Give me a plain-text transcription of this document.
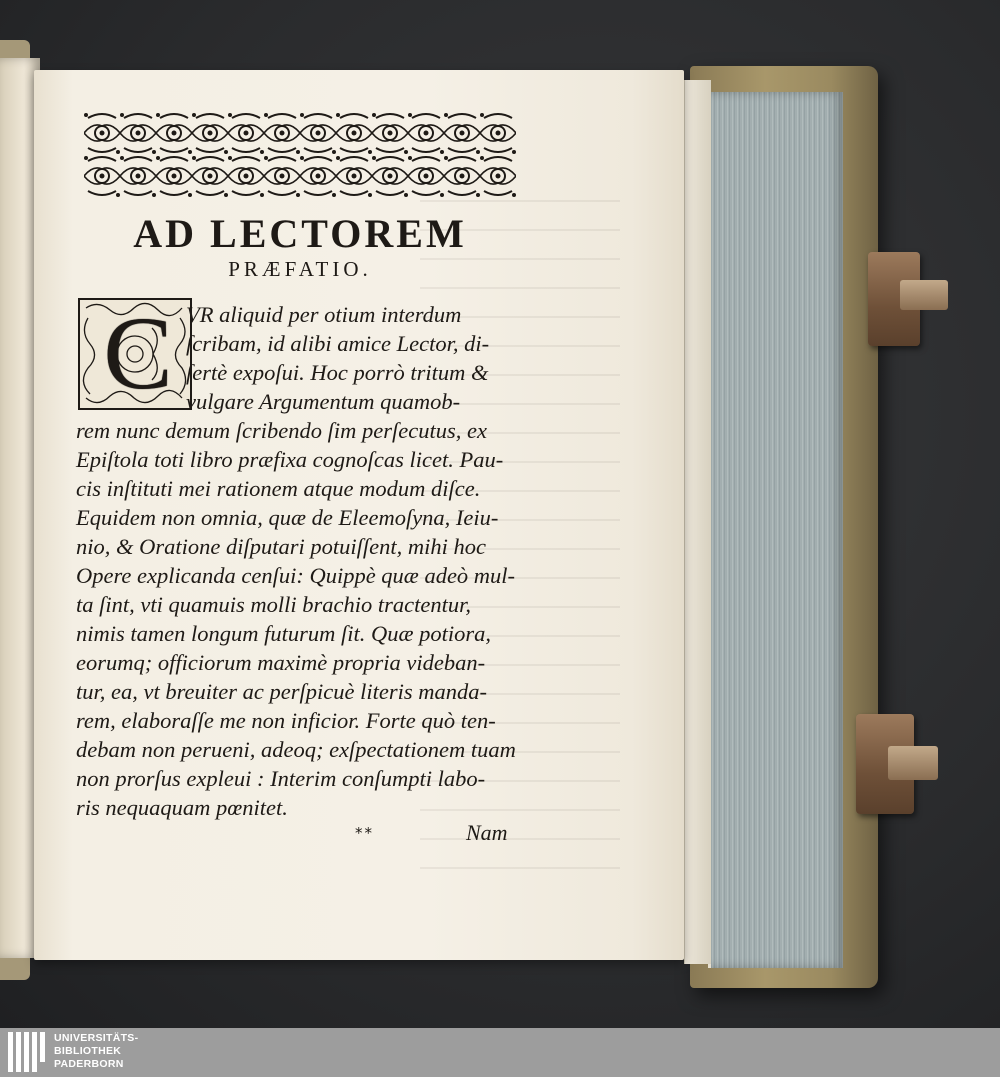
AD LECTOREM
PRÆFATIO.
C VR aliquid per otium interdum
ſcribam, id alibi amice Lector, di-
ſertè expoſui. Hoc porrò tritum &
vulgare Argumentum quamob-
rem nunc demum ſcribendo ſim perſecutus, ex
Epiſtola toti libro præfixa cognoſcas licet. Pau-
cis inſtituti mei rationem atque modum diſce.
Equidem non omnia, quæ de Eleemoſyna, Ieiu-
nio, & Oratione diſputari potuiſſent, mihi hoc
Opere explicanda cenſui: Quippè quæ adeò mul-
ta ſint, vti quamuis molli brachio tractentur,
nimis tamen longum futurum ſit. Quæ potiora,
eorumq; officiorum maximè propria videban-
tur, ea, vt breuiter ac perſpicuè literis manda-
rem, elaboraſſe me non inficior. Forte quò ten-
debam non perueni, adeoq; exſpectationem tuam
non prorſus expleui : Interim conſumpti labo-
ris nequaquam pœnitet.
**	Nam
UNIVERSITÄTS-
BIBLIOTHEK
PADERBORN
